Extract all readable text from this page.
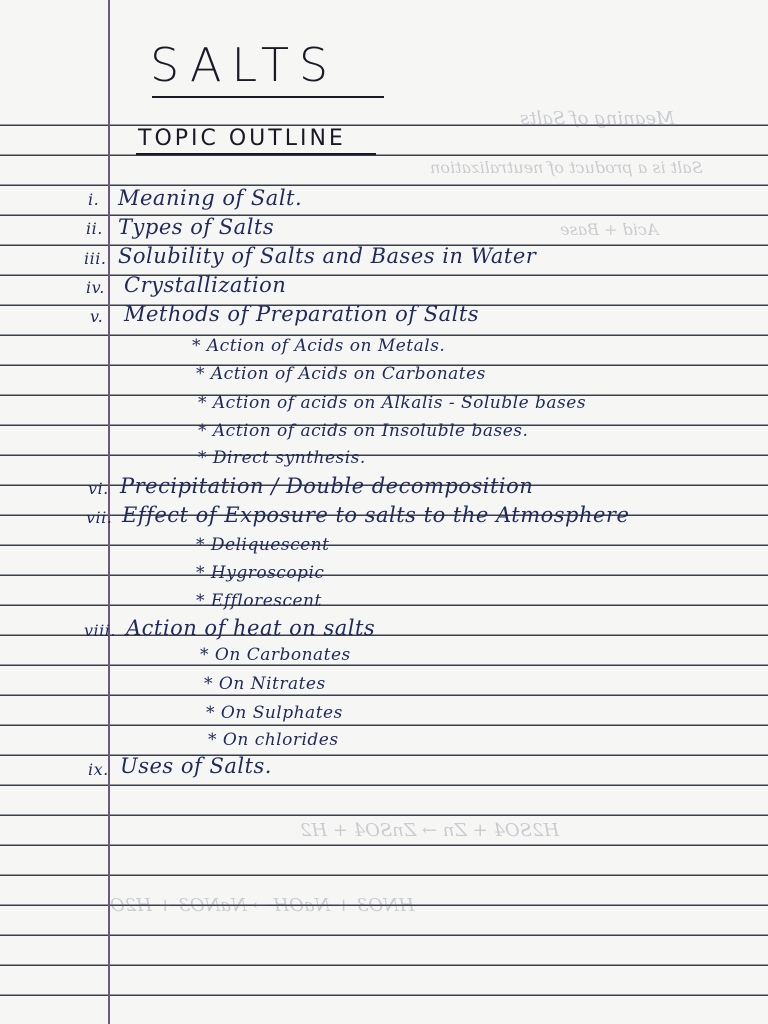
Meaning of Salts
Salt is a product of neutralization
Acid + Base
H2SO4 + Zn → ZnSO4 + H2
HNO3 + NaOH → NaNO3 + H2O
SALTS
TOPIC OUTLINE
i. Meaning of Salt.
ii. Types of Salts
iii. Solubility of Salts and Bases in Water
iv. Crystallization
v. Methods of Preparation of Salts
* Action of Acids on Metals.
* Action of Acids on Carbonates
* Action of acids on Alkalis - Soluble bases
* Action of acids on Insoluble bases.
* Direct synthesis.
vi. Precipitation / Double decomposition
vii. Effect of Exposure to salts to the Atmosphere
* Deliquescent
* Hygroscopic
* Efflorescent
viii. Action of heat on salts
* On Carbonates
* On Nitrates
* On Sulphates
* On chlorides
ix. Uses of Salts.
